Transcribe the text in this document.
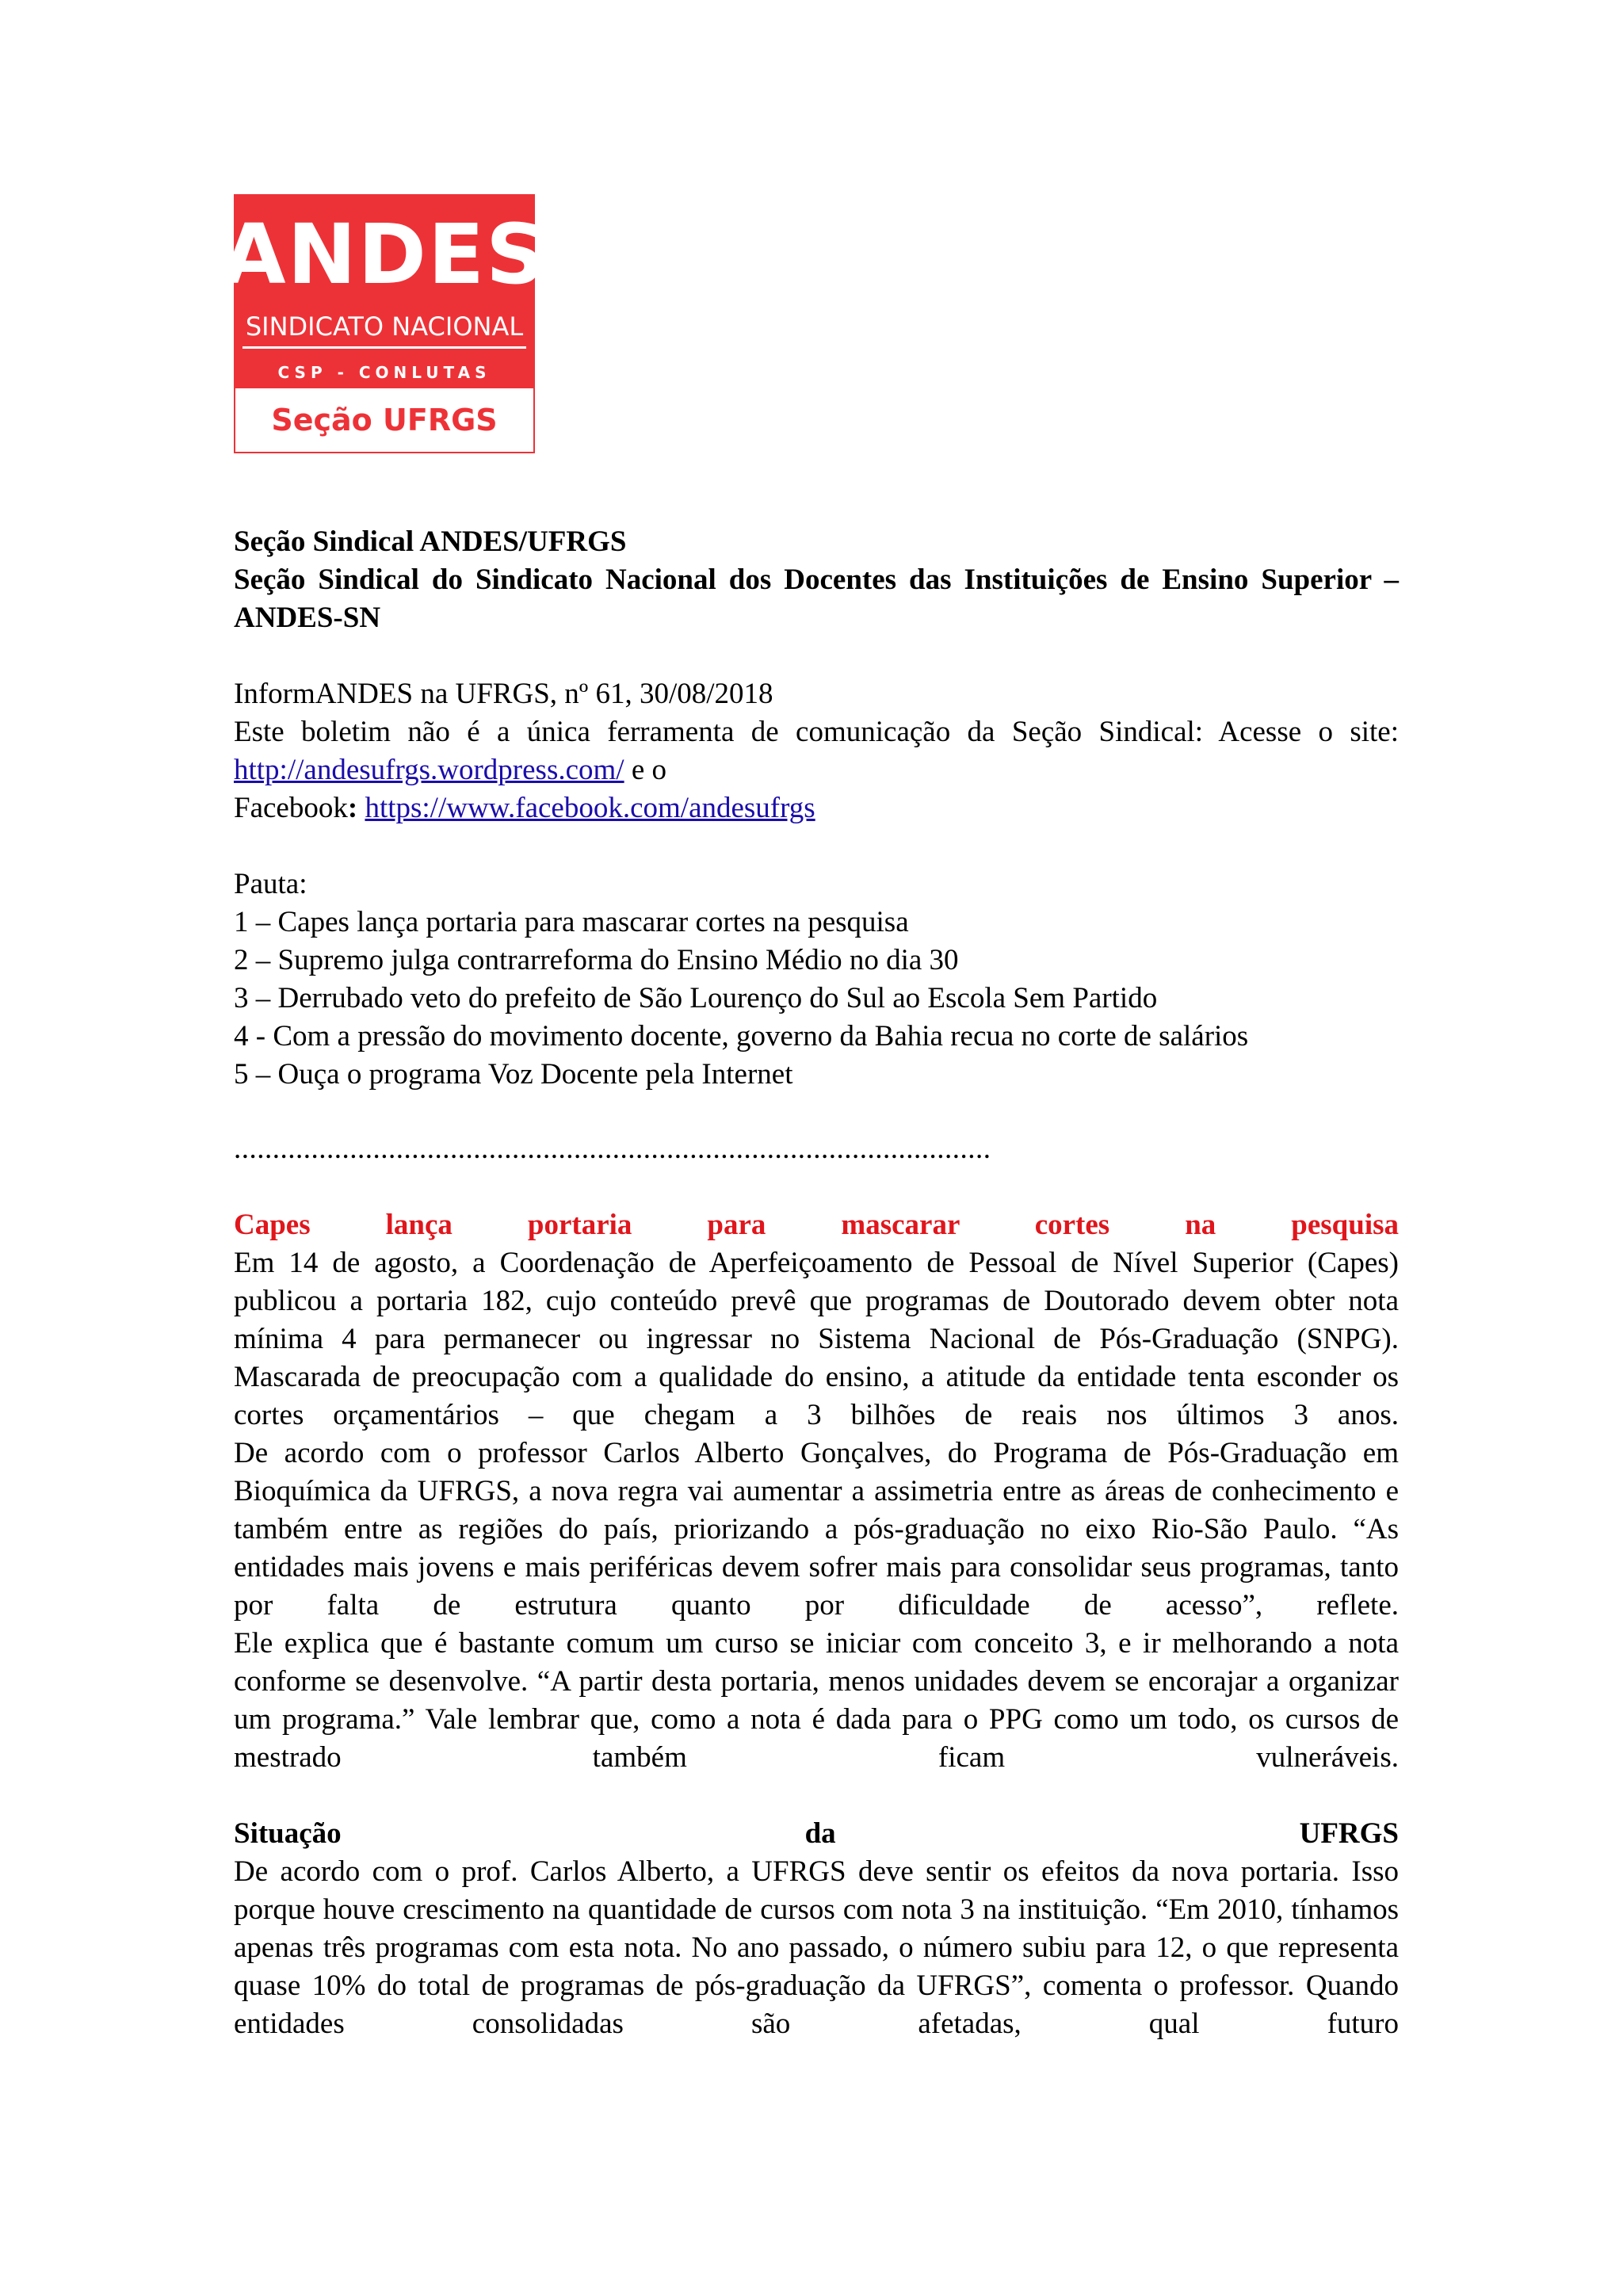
ANDES
SINDICATO NACIONAL
CSP - CONLUTAS
Seção UFRGS
Seção Sindical ANDES/UFRGS
Seção Sindical do Sindicato Nacional dos Docentes das Instituições de Ensino Superior – ANDES-SN
InformANDES na UFRGS, nº 61, 30/08/2018
Este boletim não é a única ferramenta de comunicação da Seção Sindical: Acesse o site: http://andesufrgs.wordpress.com/ e o
Facebook: https://www.facebook.com/andesufrgs

Pauta:

1 – Capes lança portaria para mascarar cortes na pesquisa

2 – Supremo julga contrarreforma do Ensino Médio no dia 30

3 – Derrubado veto do prefeito de São Lourenço do Sul ao Escola Sem Partido

4 - Com a pressão do movimento docente, governo da Bahia recua no corte de salários

5 – Ouça o programa Voz Docente pela Internet

..................................................................................................

Capes lança portaria para mascarar cortes na pesquisa

Em 14 de agosto, a Coordenação de Aperfeiçoamento de Pessoal de Nível Superior (Capes) publicou a portaria 182, cujo conteúdo prevê que programas de Doutorado devem obter nota mínima 4 para permanecer ou ingressar no Sistema Nacional de Pós-Graduação (SNPG). Mascarada de preocupação com a qualidade do ensino, a atitude da entidade tenta esconder os cortes orçamentários – que chegam a 3 bilhões de reais nos últimos 3 anos.

De acordo com o professor Carlos Alberto Gonçalves, do Programa de Pós-Graduação em Bioquímica da UFRGS, a nova regra vai aumentar a assimetria entre as áreas de conhecimento e também entre as regiões do país, priorizando a pós-graduação no eixo Rio-São Paulo. “As entidades mais jovens e mais periféricas devem sofrer mais para consolidar seus programas, tanto por falta de estrutura quanto por dificuldade de acesso”, reflete.

Ele explica que é bastante comum um curso se iniciar com conceito 3, e ir melhorando a nota conforme se desenvolve. “A partir desta portaria, menos unidades devem se encorajar a organizar um programa.” Vale lembrar que, como a nota é dada para o PPG como um todo, os cursos de mestrado também ficam vulneráveis.

Situação da UFRGS

De acordo com o prof. Carlos Alberto, a UFRGS deve sentir os efeitos da nova portaria. Isso porque houve crescimento na quantidade de cursos com nota 3 na instituição. “Em 2010, tínhamos apenas três programas com esta nota. No ano passado, o número subiu para 12, o que representa quase 10% do total de programas de pós-graduação da UFRGS”, comenta o professor. Quando entidades consolidadas são afetadas, qual futuro
